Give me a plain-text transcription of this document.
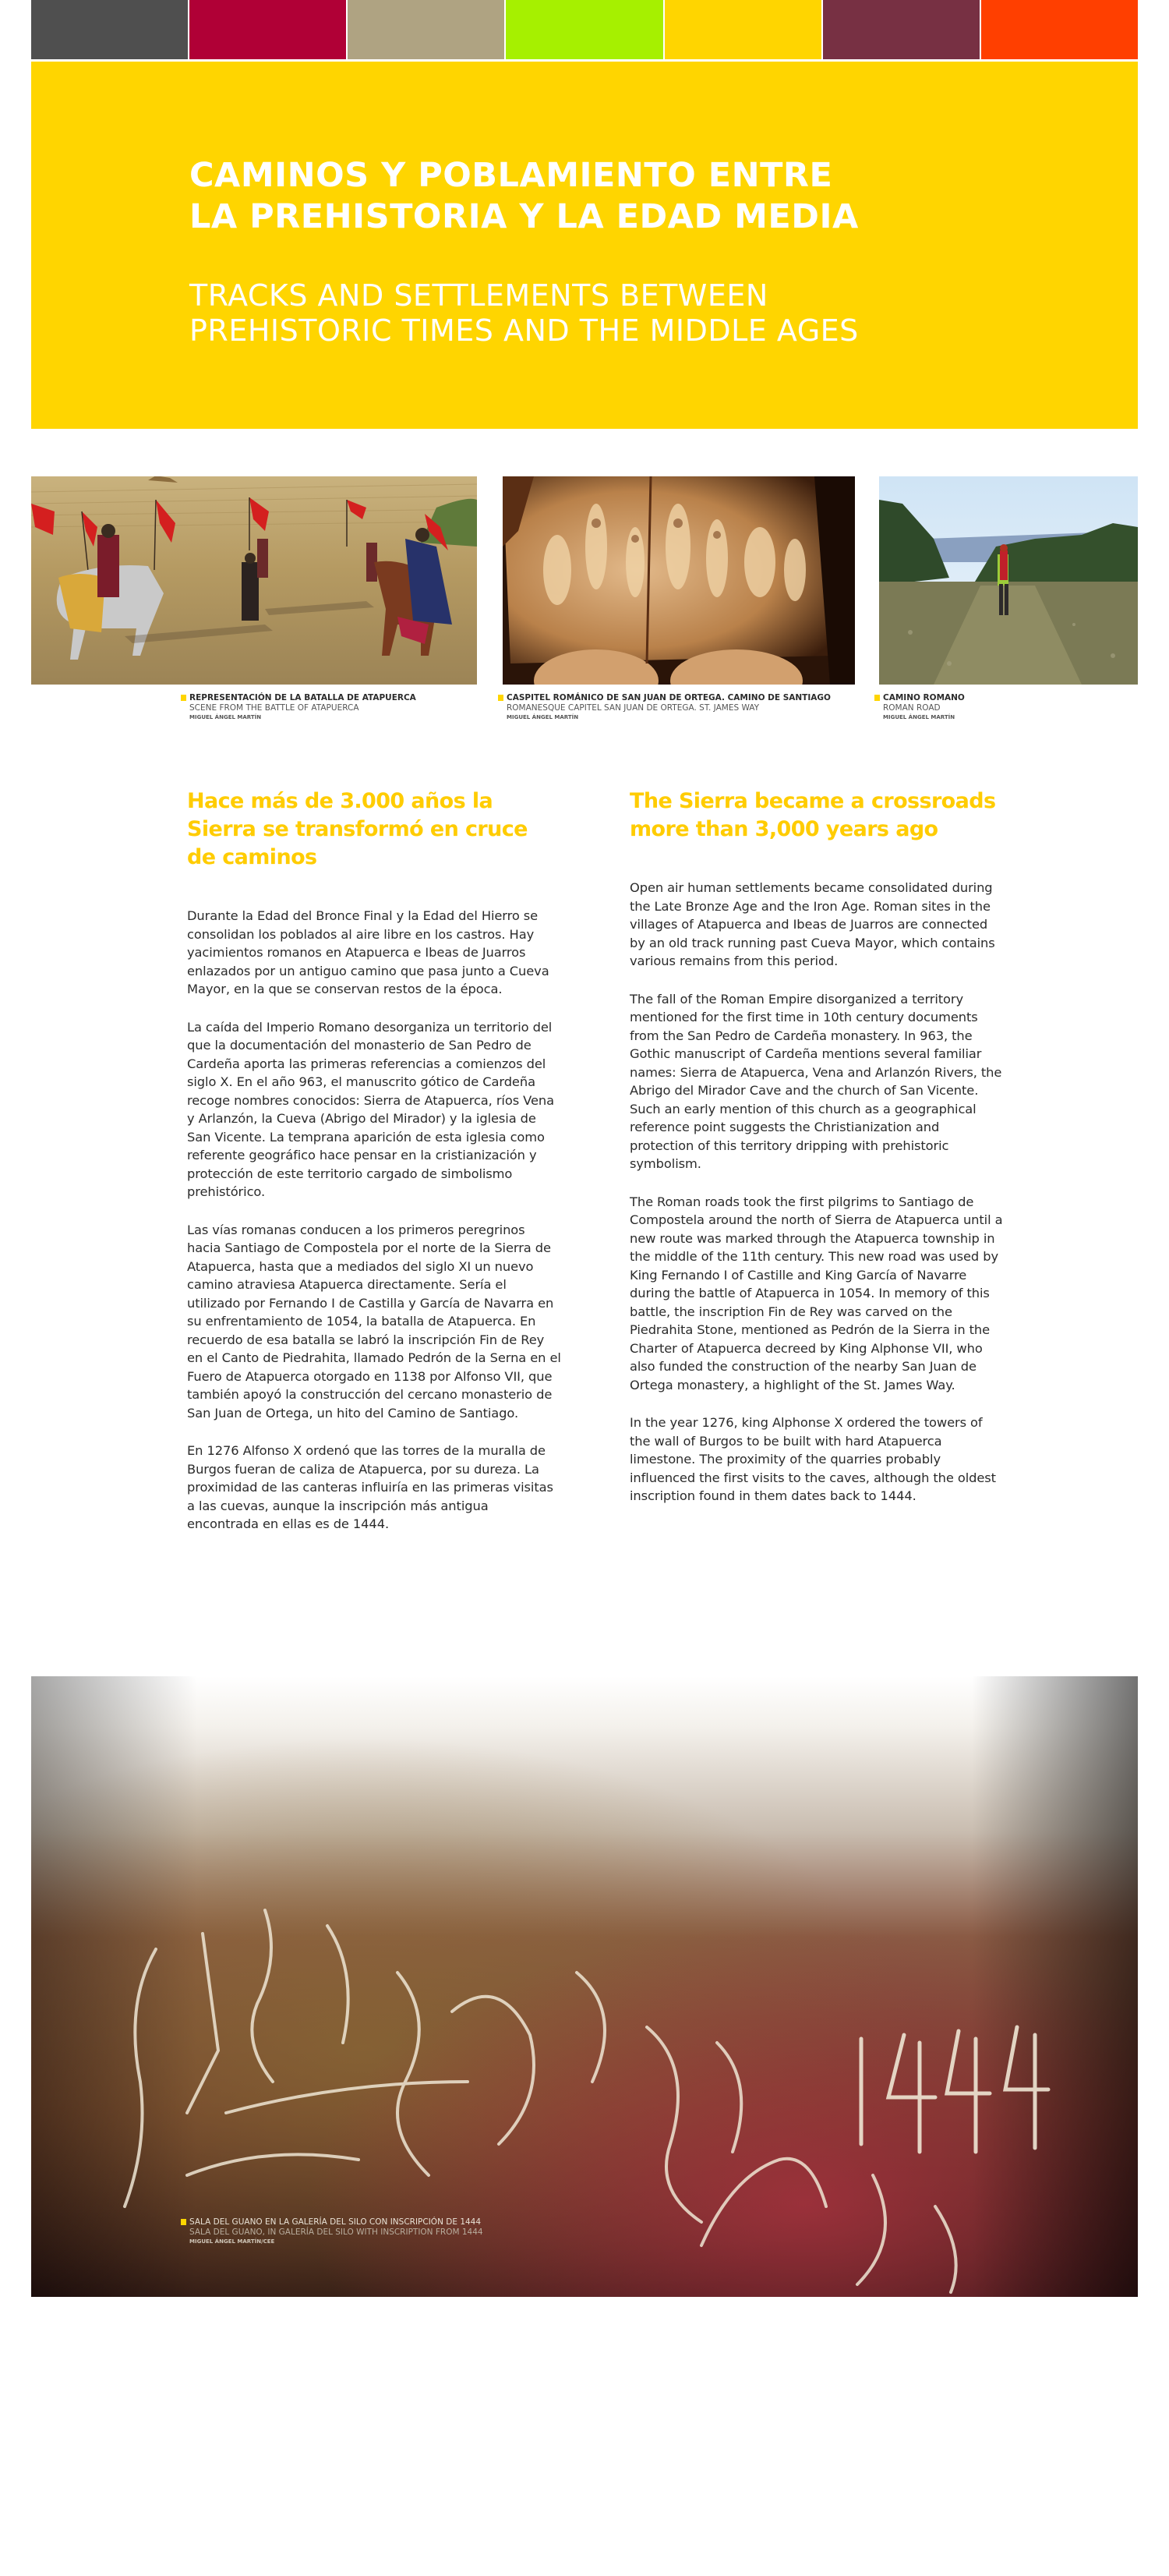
CAMINOS Y POBLAMIENTO ENTRE
LA PREHISTORIA Y LA EDAD MEDIA
TRACKS AND SETTLEMENTS BETWEEN
PREHISTORIC TIMES AND THE MIDDLE AGES
REPRESENTACIÓN DE LA BATALLA DE ATAPUERCA
SCENE FROM THE BATTLE OF ATAPUERCA
MIGUEL ÁNGEL MARTÍN
CASPITEL ROMÁNICO DE SAN JUAN DE ORTEGA. CAMINO DE SANTIAGO
ROMANESQUE CAPITEL SAN JUAN DE ORTEGA. ST. JAMES WAY
MIGUEL ÁNGEL MARTÍN
CAMINO ROMANO
ROMAN ROAD
MIGUEL ÁNGEL MARTÍN
Hace más de 3.000 años la Sierra se transformó en cruce de caminos

Durante la Edad del Bronce Final y la Edad del Hierro se consolidan los poblados al aire libre en los castros. Hay yacimientos romanos en Atapuerca e Ibeas de Juarros enlazados por un antiguo camino que pasa junto a Cueva Mayor, en la que se conservan restos de la época.

La caída del Imperio Romano desorganiza un territorio del que la documentación del monasterio de San Pedro de Cardeña aporta las primeras referencias a comienzos del siglo X. En el año 963, el manuscrito gótico de Cardeña recoge nombres conocidos: Sierra de Atapuerca, ríos Vena y Arlanzón, la Cueva (Abrigo del Mirador) y la iglesia de San Vicente. La temprana aparición de esta iglesia como referente geográfico hace pensar en la cristianización y protección de este territorio cargado de simbolismo prehistórico.

Las vías romanas conducen a los primeros peregrinos hacia Santiago de Compostela por el norte de la Sierra de Atapuerca, hasta que a mediados del siglo XI un nuevo camino atraviesa Atapuerca directamente. Sería el utilizado por Fernando I de Castilla y García de Navarra en su enfrentamiento de 1054, la batalla de Atapuerca. En recuerdo de esa batalla se labró la inscripción Fin de Rey en el Canto de Piedrahita, llamado Pedrón de la Serna en el Fuero de Atapuerca otorgado en 1138 por Alfonso VII, que también apoyó la construcción del cercano monasterio de San Juan de Ortega, un hito del Camino de Santiago.

En 1276 Alfonso X ordenó que las torres de la muralla de Burgos fueran de caliza de Atapuerca, por su dureza. La proximidad de las canteras influiría en las primeras visitas a las cuevas, aunque la inscripción más antigua encontrada en ellas es de 1444.

The Sierra became a crossroads more than 3,000 years ago

Open air human settlements became consolidated during the Late Bronze Age and the Iron Age. Roman sites in the villages of Atapuerca and Ibeas de Juarros are connected by an old track running past Cueva Mayor, which contains various remains from this period.

The fall of the Roman Empire disorganized a territory mentioned for the first time in 10th century documents from the San Pedro de Cardeña monastery. In 963, the Gothic manuscript of Cardeña mentions several familiar names: Sierra de Atapuerca, Vena and Arlanzón Rivers, the Abrigo del Mirador Cave and the church of San Vicente. Such an early mention of this church as a geographical reference point suggests the Christianization and protection of this territory dripping with prehistoric symbolism.

The Roman roads took the first pilgrims to Santiago de Compostela around the north of Sierra de Atapuerca until a new route was marked through the Atapuerca township in the middle of the 11th century. This new road was used by King Fernando I of Castille and King García of Navarre during the battle of Atapuerca in 1054. In memory of this battle, the inscription Fin de Rey was carved on the Piedrahita Stone, mentioned as Pedrón de la Sierra in the Charter of Atapuerca decreed by King Alphonse VII, who also funded the construction of the nearby San Juan de Ortega monastery, a highlight of the St. James Way.

In the year 1276, king Alphonse X ordered the towers of the wall of Burgos to be built with hard Atapuerca limestone. The proximity of the quarries probably influenced the first visits to the caves, although the oldest inscription found in them dates back to 1444.

SALA DEL GUANO EN LA GALERÍA DEL SILO CON INSCRIPCIÓN DE 1444
SALA DEL GUANO, IN GALERÍA DEL SILO WITH INSCRIPTION FROM 1444
MIGUEL ÁNGEL MARTÍN/CEE
